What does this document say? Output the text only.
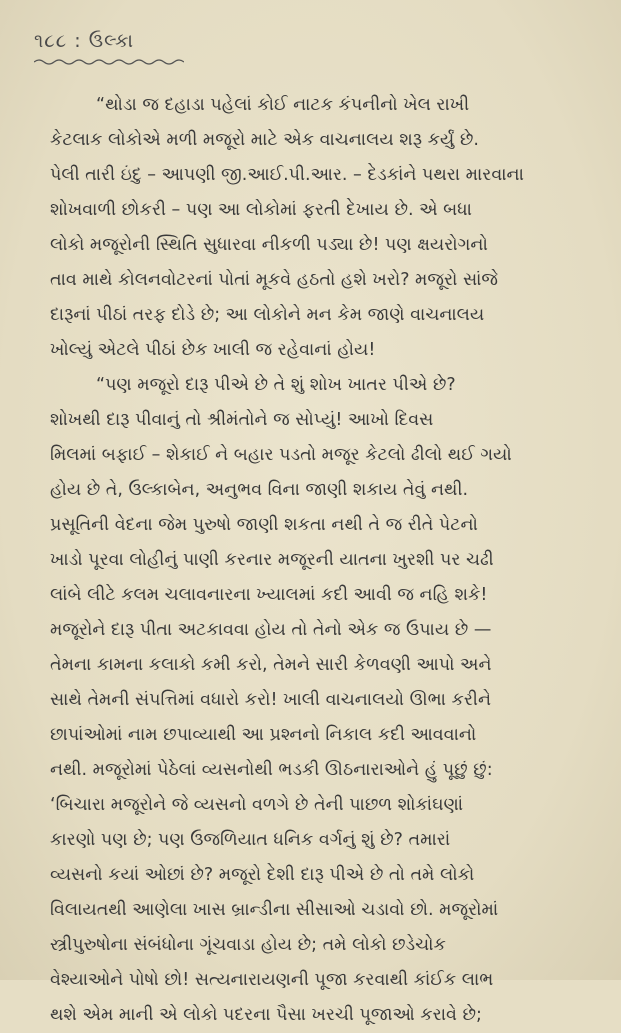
૧૮૮ : ઉલ્કા

“થોડા જ દહાડા પહેલાં કોઈ નાટક કંપનીનો ખેલ રાખી

કેટલાક લોકોએ મળી મજૂરો માટે એક વાચનાલય શરૂ કર્યું છે.

પેલી તારી ઇંદુ – આપણી જી.આઈ.પી.આર. – દેડકાંને પથરા મારવાના

શોખવાળી છોકરી – પણ આ લોકોમાં ફરતી દેખાય છે. એ બધા

લોકો મજૂરોની સ્થિતિ સુધારવા નીકળી પડ્યા છે! પણ ક્ષયરોગનો

તાવ માથે કોલનવોટરનાં પોતાં મૂકવે હઠતો હશે ખરો? મજૂરો સાંજે

દારૂનાં પીઠાં તરફ દોડે છે; આ લોકોને મન કેમ જાણે વાચનાલય

ખોલ્યું એટલે પીઠાં છેક ખાલી જ રહેવાનાં હોય!

“પણ મજૂરો દારૂ પીએ છે તે શું શોખ ખાતર પીએ છે?

શોખથી દારૂ પીવાનું તો શ્રીમંતોને જ સોપ્યું! આખો દિવસ

મિલમાં બફાઈ – શેકાઈ ને બહાર પડતો મજૂર કેટલો ઢીલો થઈ ગયો

હોય છે તે, ઉલ્કાબેન, અનુભવ વિના જાણી શકાય તેવું નથી.

પ્રસૂતિની વેદના જેમ પુરુષો જાણી શકતા નથી તે જ રીતે પેટનો

ખાડો પૂરવા લોહીનું પાણી કરનાર મજૂરની યાતના ખુરશી પર ચઢી

લાંબે લીટે કલમ ચલાવનારના ખ્યાલમાં કદી આવી જ નહિ શકે!

મજૂરોને દારૂ પીતા અટકાવવા હોય તો તેનો એક જ ઉપાય છે —

તેમના કામના કલાકો કમી કરો, તેમને સારી કેળવણી આપો અને

સાથે તેમની સંપત્તિમાં વધારો કરો! ખાલી વાચનાલયો ઊભા કરીને

છાપાંઓમાં નામ છપાવ્યાથી આ પ્રશ્નનો નિકાલ કદી આવવાનો

નથી. મજૂરોમાં પેઠેલાં વ્યસનોથી ભડકી ઊઠનારાઓને હું પૂછું છું:

‘બિચારા મજૂરોને જે વ્યસનો વળગે છે તેની પાછળ શોકાંઘણાં

કારણો પણ છે; પણ ઉજળિયાત ધનિક વર્ગનું શું છે? તમારાં

વ્યસનો કયાં ઓછાં છે? મજૂરો દેશી દારૂ પીએ છે તો તમે લોકો

વિલાયતથી આણેલા ખાસ બ્રાન્ડીના સીસાઓ ચડાવો છો. મજૂરોમાં

સ્ત્રીપુરુષોના સંબંધોના ગૂંચવાડા હોય છે; તમે લોકો છડેચોક

વેશ્યાઓને પોષો છો! સત્યનારાયણની પૂજા કરવાથી કાંઈક લાભ

થશે એમ માની એ લોકો પદરના પૈસા ખરચી પૂજાઓ કરાવે છે;
